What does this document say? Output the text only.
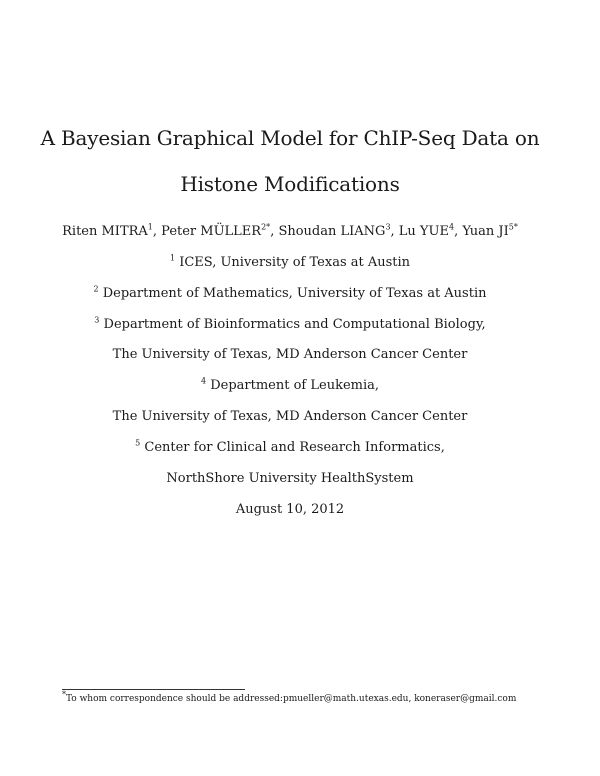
A Bayesian Graphical Model for ChIP-Seq Data on
Histone Modifications
Riten MITRA$^1$, Peter $MÜLLER^{2*}$, Shoudan LIANG$^3$, Lu YUE$^4$, Yuan $JI^{5*}$
$^1$ ICES, University of Texas at Austin
$^2$ Department of Mathematics, University of Texas at Austin
$^3$ Department of Bioinformatics and Computational Biology,
The University of Texas, MD Anderson Cancer Center
$^4$ Department of Leukemia,
The University of Texas, MD Anderson Cancer Center
$^5$ Center for Clinical and Research Informatics,
NorthShore University HealthSystem
August 10, 2012
*To whom correspondence should be addressed:pmueller@math.utexas.edu, koneraser@gmail.com
